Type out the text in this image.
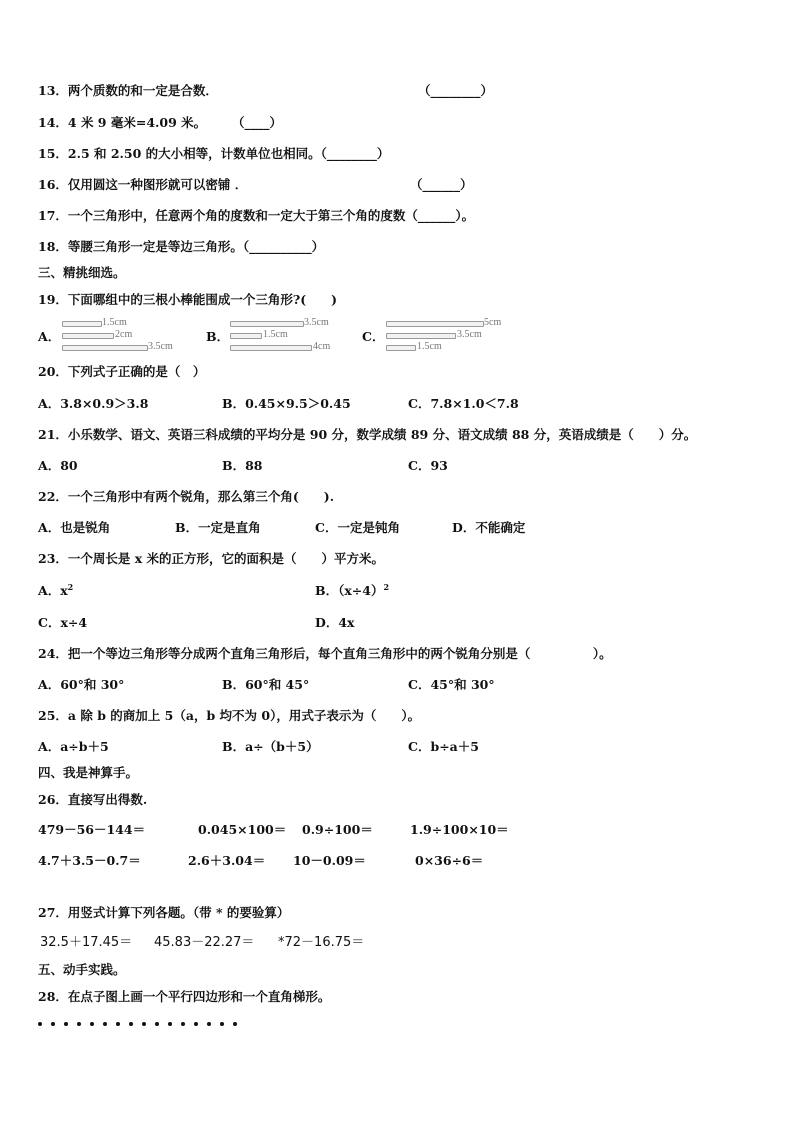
13．两个质数的和一定是合数．	（________）
14．4 米 9 毫米=4.09 米。 （____）
15．2.5 和 2.50 的大小相等，计数单位也相同。（________）
16．仅用圆这一种图形就可以密铺 ．	（______）
17．一个三角形中，任意两个角的度数和一定大于第三个角的度数（______）。
18．等腰三角形一定是等边三角形。（__________）
三、精挑细选。
19．下面哪组中的三根小棒能围成一个三角形?(　　)
A．
1.5cm
2cm
3.5cm
B．
3.5cm
1.5cm
4cm
C．
5cm
3.5cm
1.5cm
20．下列式子正确的是（　）
A．3.8×0.9＞3.8	B．0.45×9.5＞0.45	C．7.8×1.0＜7.8
21．小乐数学、语文、英语三科成绩的平均分是 90 分，数学成绩 89 分、语文成绩 88 分，英语成绩是（　　）分。
A．80	B．88	C．93
22．一个三角形中有两个锐角，那么第三个角(　　).
A．也是锐角	B．一定是直角	C．一定是钝角	D．不能确定
23．一个周长是 x 米的正方形，它的面积是（　　）平方米。
A．$x^2$	B．$(x\div 4)^2$
C．x÷4	D．4x
24．把一个等边三角形等分成两个直角三角形后，每个直角三角形中的两个锐角分别是（　　　　　）。
A．60°和 30°	B．60°和 45°	C．45°和 30°
25．a 除 b 的商加上 5（a，b 均不为 0），用式子表示为（　　）。
A．a÷b＋5	B．a÷（b＋5）	C．b÷a＋5
四、我是神算手。
26．直接写出得数.
479－56－144＝	0.045×100＝ 0.9÷100＝	1.9÷100×10＝
4.7＋3.5－0.7＝	2.6＋3.04＝ 10－0.09＝	0×36÷6＝
27．用竖式计算下列各题。（带 * 的要验算）
32.5＋17.45＝ 45.83－22.27＝ *72－16.75＝
五、动手实践。
28．在点子图上画一个平行四边形和一个直角梯形。
